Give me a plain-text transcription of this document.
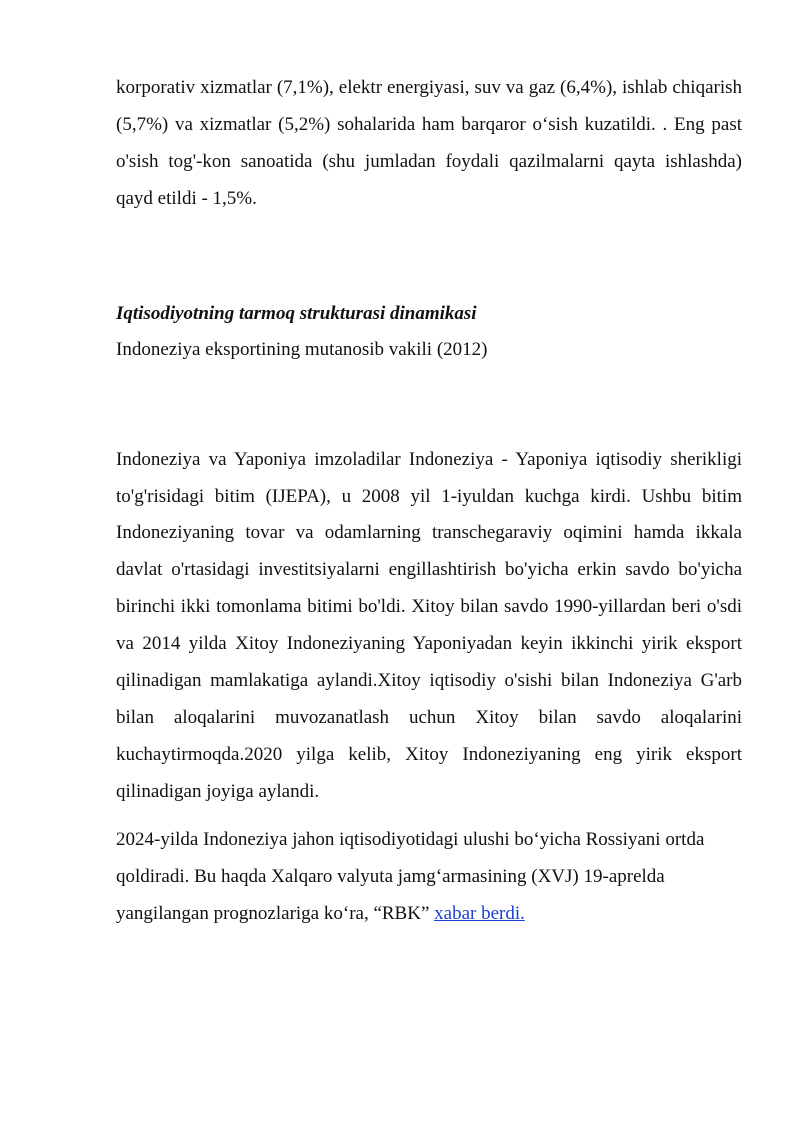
korporativ xizmatlar (7,1%), elektr energiyasi, suv va gaz (6,4%), ishlab chiqarish (5,7%) va xizmatlar (5,2%) sohalarida ham barqaror o‘sish kuzatildi. . Eng past o'sish tog'-kon sanoatida (shu jumladan foydali qazilmalarni qayta ishlashda) qayd etildi - 1,5%.

Iqtisodiyotning tarmoq strukturasi dinamikasi

Indoneziya eksportining mutanosib vakili (2012)

Indoneziya va Yaponiya imzoladilar Indoneziya - Yaponiya iqtisodiy sherikligi to'g'risidagi bitim (IJEPA), u 2008 yil 1-iyuldan kuchga kirdi. Ushbu bitim Indoneziyaning tovar va odamlarning transchegaraviy oqimini hamda ikkala davlat o'rtasidagi investitsiyalarni engillashtirish bo'yicha erkin savdo bo'yicha birinchi ikki tomonlama bitimi bo'ldi. Xitoy bilan savdo 1990-yillardan beri o'sdi va 2014 yilda Xitoy Indoneziyaning Yaponiyadan keyin ikkinchi yirik eksport qilinadigan mamlakatiga aylandi.Xitoy iqtisodiy o'sishi bilan Indoneziya G'arb bilan aloqalarini muvozanatlash uchun Xitoy bilan savdo aloqalarini kuchaytirmoqda.2020 yilga kelib, Xitoy Indoneziyaning eng yirik eksport qilinadigan joyiga aylandi.

2024-yilda Indoneziya jahon iqtisodiyotidagi ulushi bo‘yicha Rossiyani ortda qoldiradi. Bu haqda Xalqaro valyuta jamg‘armasining (XVJ) 19-aprelda yangilangan prognozlariga ko‘ra, “RBK” xabar berdi.
